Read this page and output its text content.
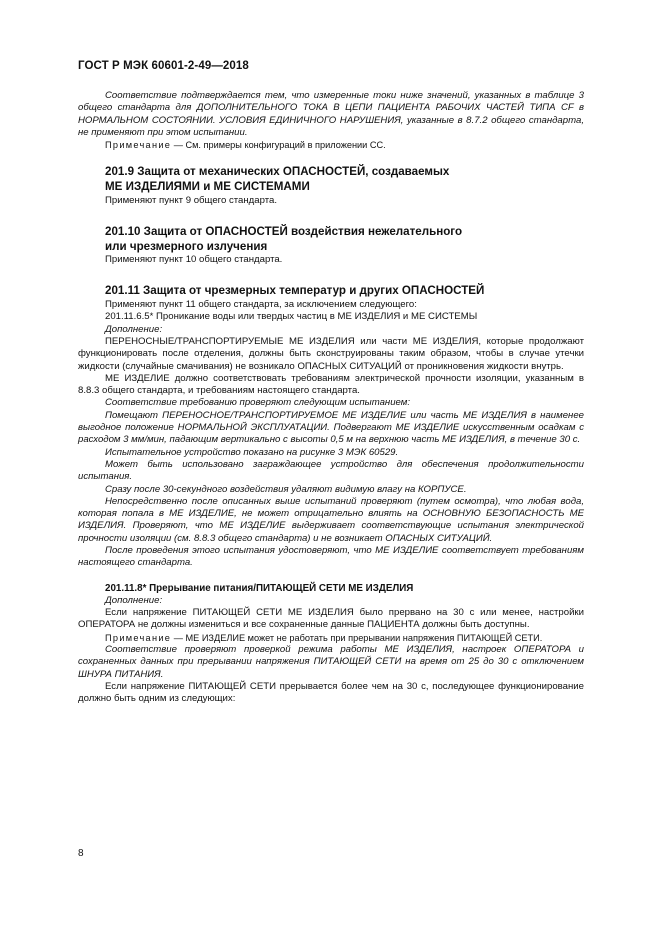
ГОСТ Р МЭК 60601-2-49—2018

Соответствие подтверждается тем, что измеренные токи ниже значений, указанных в таблице 3 общего стандарта для ДОПОЛНИТЕЛЬНОГО ТОКА В ЦЕПИ ПАЦИЕНТА РАБОЧИХ ЧАСТЕЙ ТИПА CF в НОРМАЛЬНОМ СОСТОЯНИИ. УСЛОВИЯ ЕДИНИЧНОГО НАРУШЕНИЯ, указанные в 8.7.2 общего стандарта, не применяют при этом испытании.

Примечание — См. примеры конфигураций в приложении CC.

201.9 Защита от механических ОПАСНОСТЕЙ, создаваемых
МЕ ИЗДЕЛИЯМИ и МЕ СИСТЕМАМИ

Применяют пункт 9 общего стандарта.

201.10 Защита от ОПАСНОСТЕЙ воздействия нежелательного
или чрезмерного излучения

Применяют пункт 10 общего стандарта.

201.11 Защита от чрезмерных температур и других ОПАСНОСТЕЙ

Применяют пункт 11 общего стандарта, за исключением следующего:

201.11.6.5* Проникание воды или твердых частиц в МЕ ИЗДЕЛИЯ и МЕ СИСТЕМЫ

Дополнение:

ПЕРЕНОСНЫЕ/ТРАНСПОРТИРУЕМЫЕ МЕ ИЗДЕЛИЯ или части МЕ ИЗДЕЛИЯ, которые продолжают функционировать после отделения, должны быть сконструированы таким образом, чтобы в случае утечки жидкости (случайные смачивания) не возникало ОПАСНЫХ СИТУАЦИЙ от проникновения жидкости внутрь.

МЕ ИЗДЕЛИЕ должно соответствовать требованиям электрической прочности изоляции, указанным в 8.8.3 общего стандарта, и требованиям настоящего стандарта.

Соответствие требованию проверяют следующим испытанием:

Помещают ПЕРЕНОСНОЕ/ТРАНСПОРТИРУЕМОЕ МЕ ИЗДЕЛИЕ или часть МЕ ИЗДЕЛИЯ в наименее выгодное положение НОРМАЛЬНОЙ ЭКСПЛУАТАЦИИ. Подвергают МЕ ИЗДЕЛИЕ искусственным осадкам с расходом 3 мм/мин, падающим вертикально с высоты 0,5 м на верхнюю часть МЕ ИЗДЕЛИЯ, в течение 30 с.

Испытательное устройство показано на рисунке 3 МЭК 60529.

Может быть использовано заграждающее устройство для обеспечения продолжительности испытания.

Сразу после 30-секундного воздействия удаляют видимую влагу на КОРПУСЕ.

Непосредственно после описанных выше испытаний проверяют (путем осмотра), что любая вода, которая попала в МЕ ИЗДЕЛИЕ, не может отрицательно влиять на ОСНОВНУЮ БЕЗОПАСНОСТЬ МЕ ИЗДЕЛИЯ. Проверяют, что МЕ ИЗДЕЛИЕ выдерживает соответствующие испытания электрической прочности изоляции (см. 8.8.3 общего стандарта) и не возникает ОПАСНЫХ СИТУАЦИЙ.

После проведения этого испытания удостоверяют, что МЕ ИЗДЕЛИЕ соответствует требованиям настоящего стандарта.

201.11.8* Прерывание питания/ПИТАЮЩЕЙ СЕТИ МЕ ИЗДЕЛИЯ

Дополнение:

Если напряжение ПИТАЮЩЕЙ СЕТИ МЕ ИЗДЕЛИЯ было прервано на 30 с или менее, настройки ОПЕРАТОРА не должны измениться и все сохраненные данные ПАЦИЕНТА должны быть доступны.

Примечание — МЕ ИЗДЕЛИЕ может не работать при прерывании напряжения ПИТАЮЩЕЙ СЕТИ.

Соответствие проверяют проверкой режима работы МЕ ИЗДЕЛИЯ, настроек ОПЕРАТОРА и сохраненных данных при прерывании напряжения ПИТАЮЩЕЙ СЕТИ на время от 25 до 30 с отключением ШНУРА ПИТАНИЯ.

Если напряжение ПИТАЮЩЕЙ СЕТИ прерывается более чем на 30 с, последующее функционирование должно быть одним из следующих:

8
